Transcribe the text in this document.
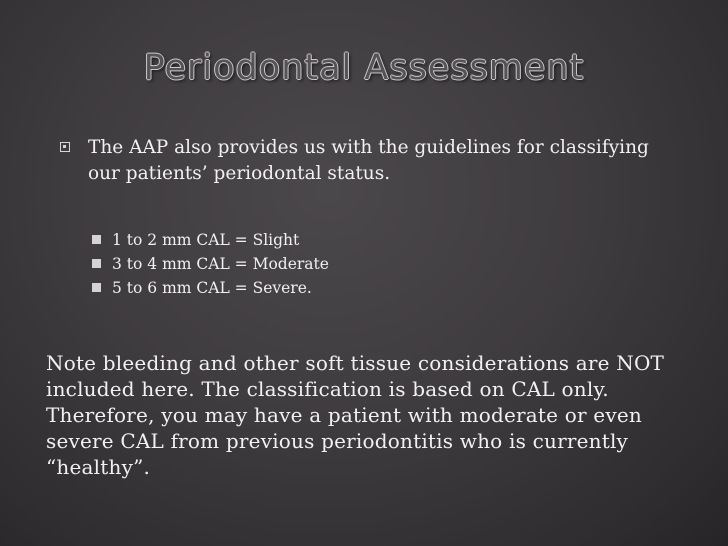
Periodontal Assessment
The AAP also provides us with the guidelines for classifying our patients’ periodontal status.
1 to 2 mm CAL = Slight
3 to 4 mm CAL = Moderate
5 to 6 mm CAL = Severe.
Note bleeding and other soft tissue considerations are NOT included here. The classification is based on CAL only. Therefore, you may have a patient with moderate or even severe CAL from previous periodontitis who is currently “healthy”.
